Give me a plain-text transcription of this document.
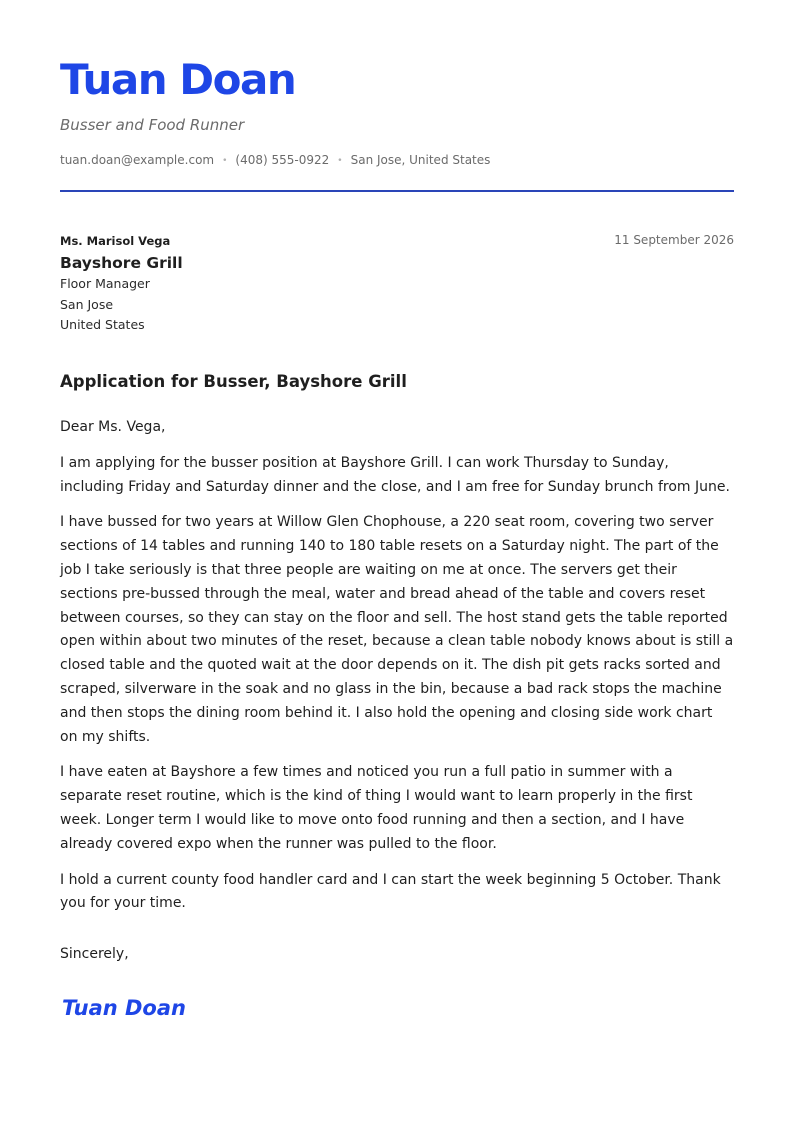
Tuan Doan
Busser and Food Runner
tuan.doan@example.com • (408) 555-0922 • San Jose, United States
Ms. Marisol Vega
Bayshore Grill
Floor Manager
San Jose
United States
11 September 2026
Application for Busser, Bayshore Grill

Dear Ms. Vega,

I am applying for the busser position at Bayshore Grill. I can work Thursday to Sunday, including Friday and Saturday dinner and the close, and I am free for Sunday brunch from June.

I have bussed for two years at Willow Glen Chophouse, a 220 seat room, covering two server sections of 14 tables and running 140 to 180 table resets on a Saturday night. The part of the job I take seriously is that three people are waiting on me at once. The servers get their sections pre-bussed through the meal, water and bread ahead of the table and covers reset between courses, so they can stay on the floor and sell. The host stand gets the table reported open within about two minutes of the reset, because a clean table nobody knows about is still a closed table and the quoted wait at the door depends on it. The dish pit gets racks sorted and scraped, silverware in the soak and no glass in the bin, because a bad rack stops the machine and then stops the dining room behind it. I also hold the opening and closing side work chart on my shifts.

I have eaten at Bayshore a few times and noticed you run a full patio in summer with a separate reset routine, which is the kind of thing I would want to learn properly in the first week. Longer term I would like to move onto food running and then a section, and I have already covered expo when the runner was pulled to the floor.

I hold a current county food handler card and I can start the week beginning 5 October. Thank you for your time.

Sincerely,
Tuan Doan
